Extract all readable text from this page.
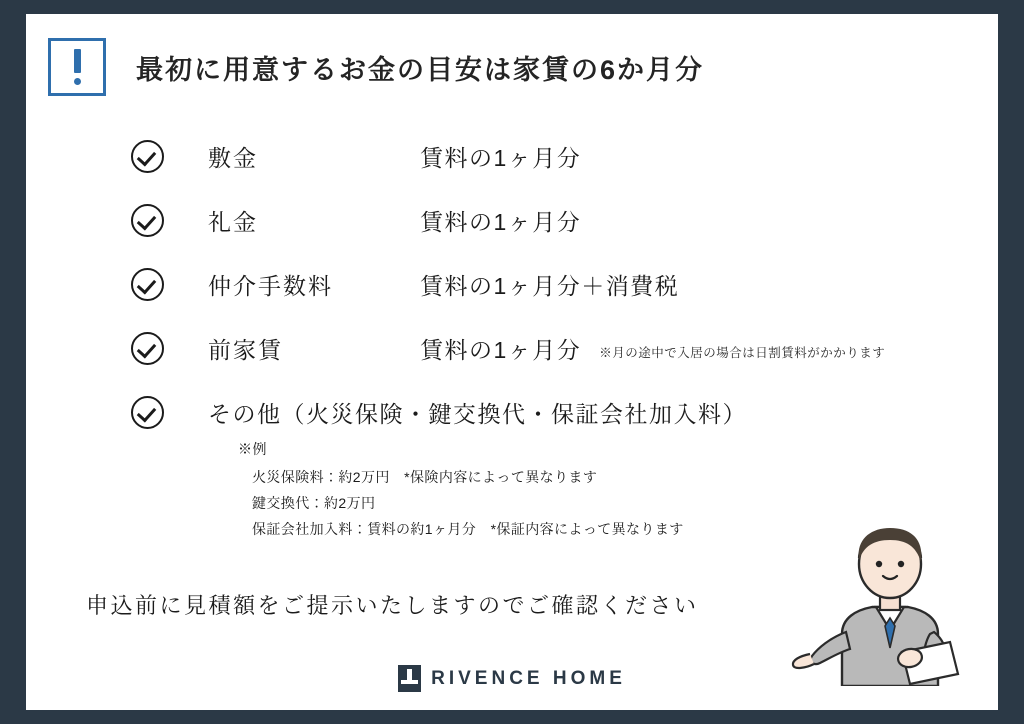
最初に用意するお金の目安は家賃の6か月分
敷金	賃料の1ヶ月分
礼金	賃料の1ヶ月分
仲介手数料	賃料の1ヶ月分＋消費税
前家賃	賃料の1ヶ月分 ※月の途中で入居の場合は日割賃料がかかります
その他（火災保険・鍵交換代・保証会社加入料）
※例
火災保険料：約2万円　*保険内容によって異なります
鍵交換代：約2万円
保証会社加入料：賃料の約1ヶ月分　*保証内容によって異なります
申込前に見積額をご提示いたしますのでご確認ください
RIVENCE HOME
